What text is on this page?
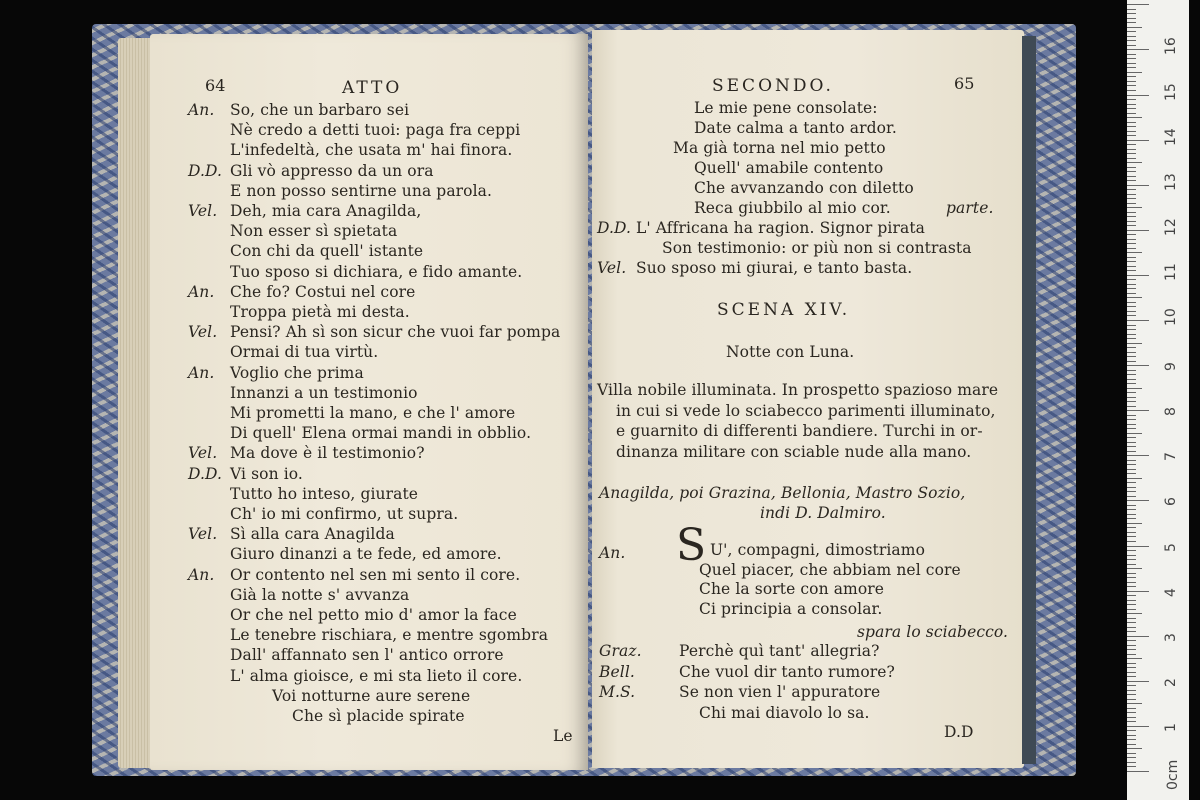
64	ATTO
An. So, che un barbaro sei
Nè credo a detti tuoi: paga fra ceppi
L'infedeltà, che usata m' hai finora.
D.D. Gli vò appresso da un ora
E non posso sentirne una parola.
Vel. Deh, mia cara Anagilda,
Non esser sì spietata
Con chi da quell' istante
Tuo sposo si dichiara, e fido amante.
An. Che fo? Costui nel core
Troppa pietà mi desta.
Vel. Pensi? Ah sì son sicur che vuoi far pompa
Ormai di tua virtù.
An. Voglio che prima
Innanzi a un testimonio
Mi prometti la mano, e che l' amore
Di quell' Elena ormai mandi in obblio.
Vel. Ma dove è il testimonio?
D.D. Vi son io.
Tutto ho inteso, giurate
Ch' io mi confirmo, ut supra.
Vel. Sì alla cara Anagilda
Giuro dinanzi a te fede, ed amore.
An. Or contento nel sen mi sento il core.
Già la notte s' avvanza
Or che nel petto mio d' amor la face
Le tenebre rischiara, e mentre sgombra
Dall' affannato sen l' antico orrore
L' alma gioisce, e mi sta lieto il core.
Voi notturne aure serene
Che sì placide spirate
Le
SECONDO.	65
Le mie pene consolate:
Date calma a tanto ardor.
Ma già torna nel mio petto
Quell' amabile contento
Che avvanzando con diletto
Reca giubbilo al mio cor.
D.D. L' Affricana ha ragion. Signor pirata
Son testimonio: or più non si contrasta
Vel. Suo sposo mi giurai, e tanto basta.
parte.
SCENA XIV.
Notte con Luna.
Villa nobile illuminata. In prospetto spazioso mare
in cui si vede lo sciabecco parimenti illuminato,
e guarnito di differenti bandiere. Turchi in or-
dinanza militare con sciable nude alla mano.
Anagilda, poi Grazina, Bellonia, Mastro Sozio,
indi D. Dalmiro.
An. S U', compagni, dimostriamo
Quel piacer, che abbiam nel core
Che la sorte con amore
Ci principia a consolar.
spara lo sciabecco.
Graz. Perchè quì tant' allegria?
Bell.	Che vuol dir tanto rumore?
M.S.	Se non vien l' appuratore
Chi mai diavolo lo sa.
D.D	1
2
3
4
5
6
7
8
9
10
11
12
13
14
15
16
0cm
